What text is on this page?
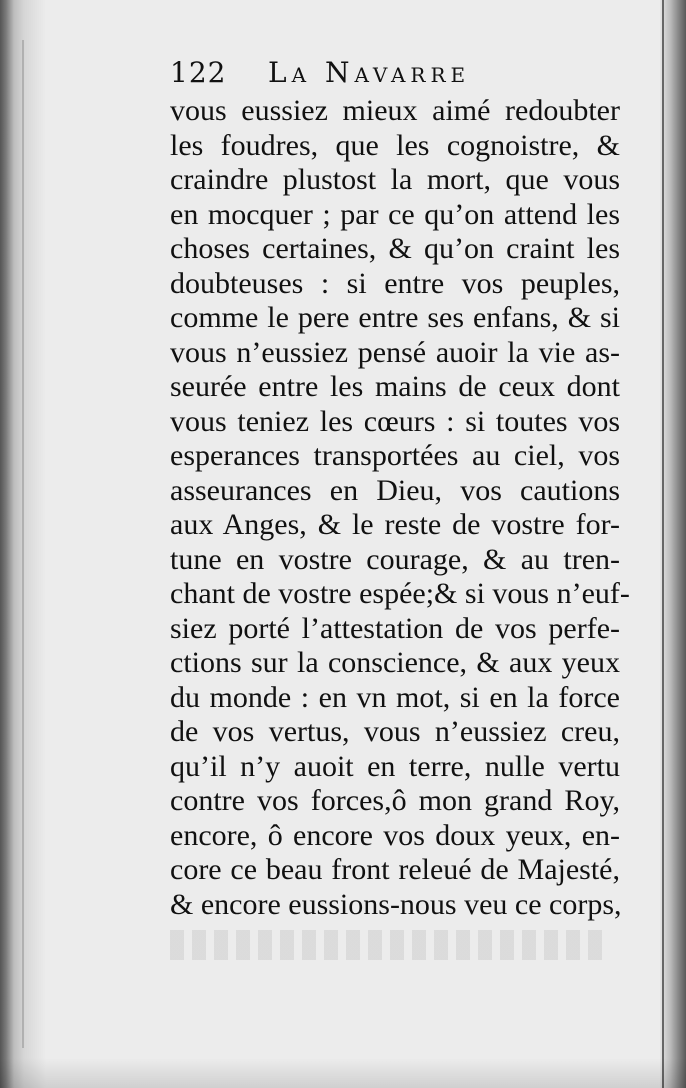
122 La Navarre
vous eussiez mieux aimé redoubter
les foudres, que les cognoistre, &
craindre plustost la mort, que vous
en mocquer ; par ce qu’on attend les
choses certaines, & qu’on craint les
doubteuses : si entre vos peuples,
comme le pere entre ses enfans, & si
vous n’eussiez pensé auoir la vie as-
seurée entre les mains de ceux dont
vous teniez les cœurs : si toutes vos
esperances transportées au ciel, vos
asseurances en Dieu, vos cautions
aux Anges, & le reste de vostre for-
tune en vostre courage, & au tren-
chant de vostre espée;& si vous n’euf-
siez porté l’attestation de vos perfe-
ctions sur la conscience, & aux yeux
du monde : en vn mot, si en la force
de vos vertus, vous n’eussiez creu,
qu’il n’y auoit en terre, nulle vertu
contre vos forces,ô mon grand Roy,
encore, ô encore vos doux yeux, en-
core ce beau front releué de Majesté,
& encore eussions-nous veu ce corps,
